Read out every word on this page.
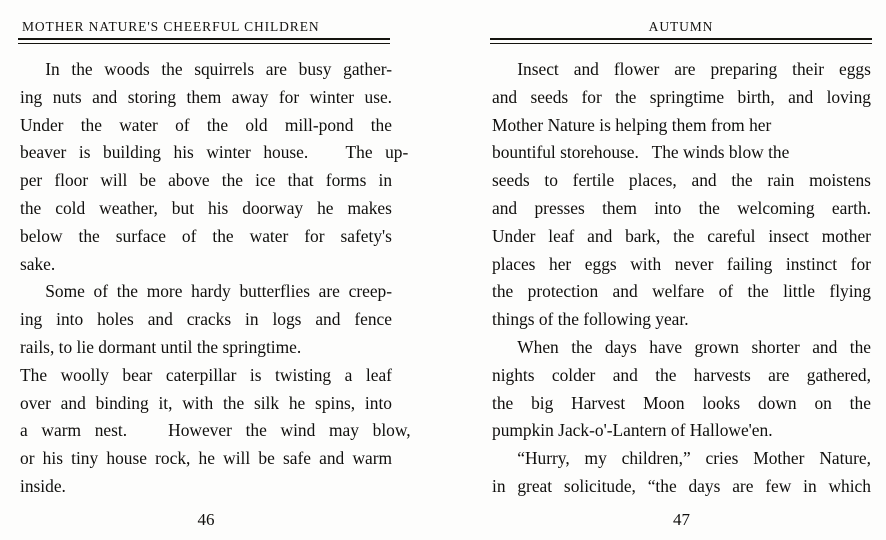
MOTHER NATURE'S CHEERFUL CHILDREN
In the woods the squirrels are busy gather-
ing nuts and storing them away for winter use.
Under the water of the old mill-pond the
beaver is building his winter house. The up-
per floor will be above the ice that forms in
the cold weather, but his doorway he makes
below the surface of the water for safety's
sake.
Some of the more hardy butterflies are creep-
ing into holes and cracks in logs and fence
rails, to lie dormant until the springtime.
The woolly bear caterpillar is twisting a leaf
over and binding it, with the silk he spins, into
a warm nest. However the wind may blow,
or his tiny house rock, he will be safe and warm
inside.
46
AUTUMN
Insect and flower are preparing their eggs
and seeds for the springtime birth, and loving
Mother Nature is helping them from her
bountiful storehouse. The winds blow the
seeds to fertile places, and the rain moistens
and presses them into the welcoming earth.
Under leaf and bark, the careful insect mother
places her eggs with never failing instinct for
the protection and welfare of the little flying
things of the following year.
When the days have grown shorter and the
nights colder and the harvests are gathered,
the big Harvest Moon looks down on the
pumpkin Jack-o'-Lantern of Hallowe'en.
“Hurry, my children,” cries Mother Nature,
in great solicitude, “the days are few in which
47
